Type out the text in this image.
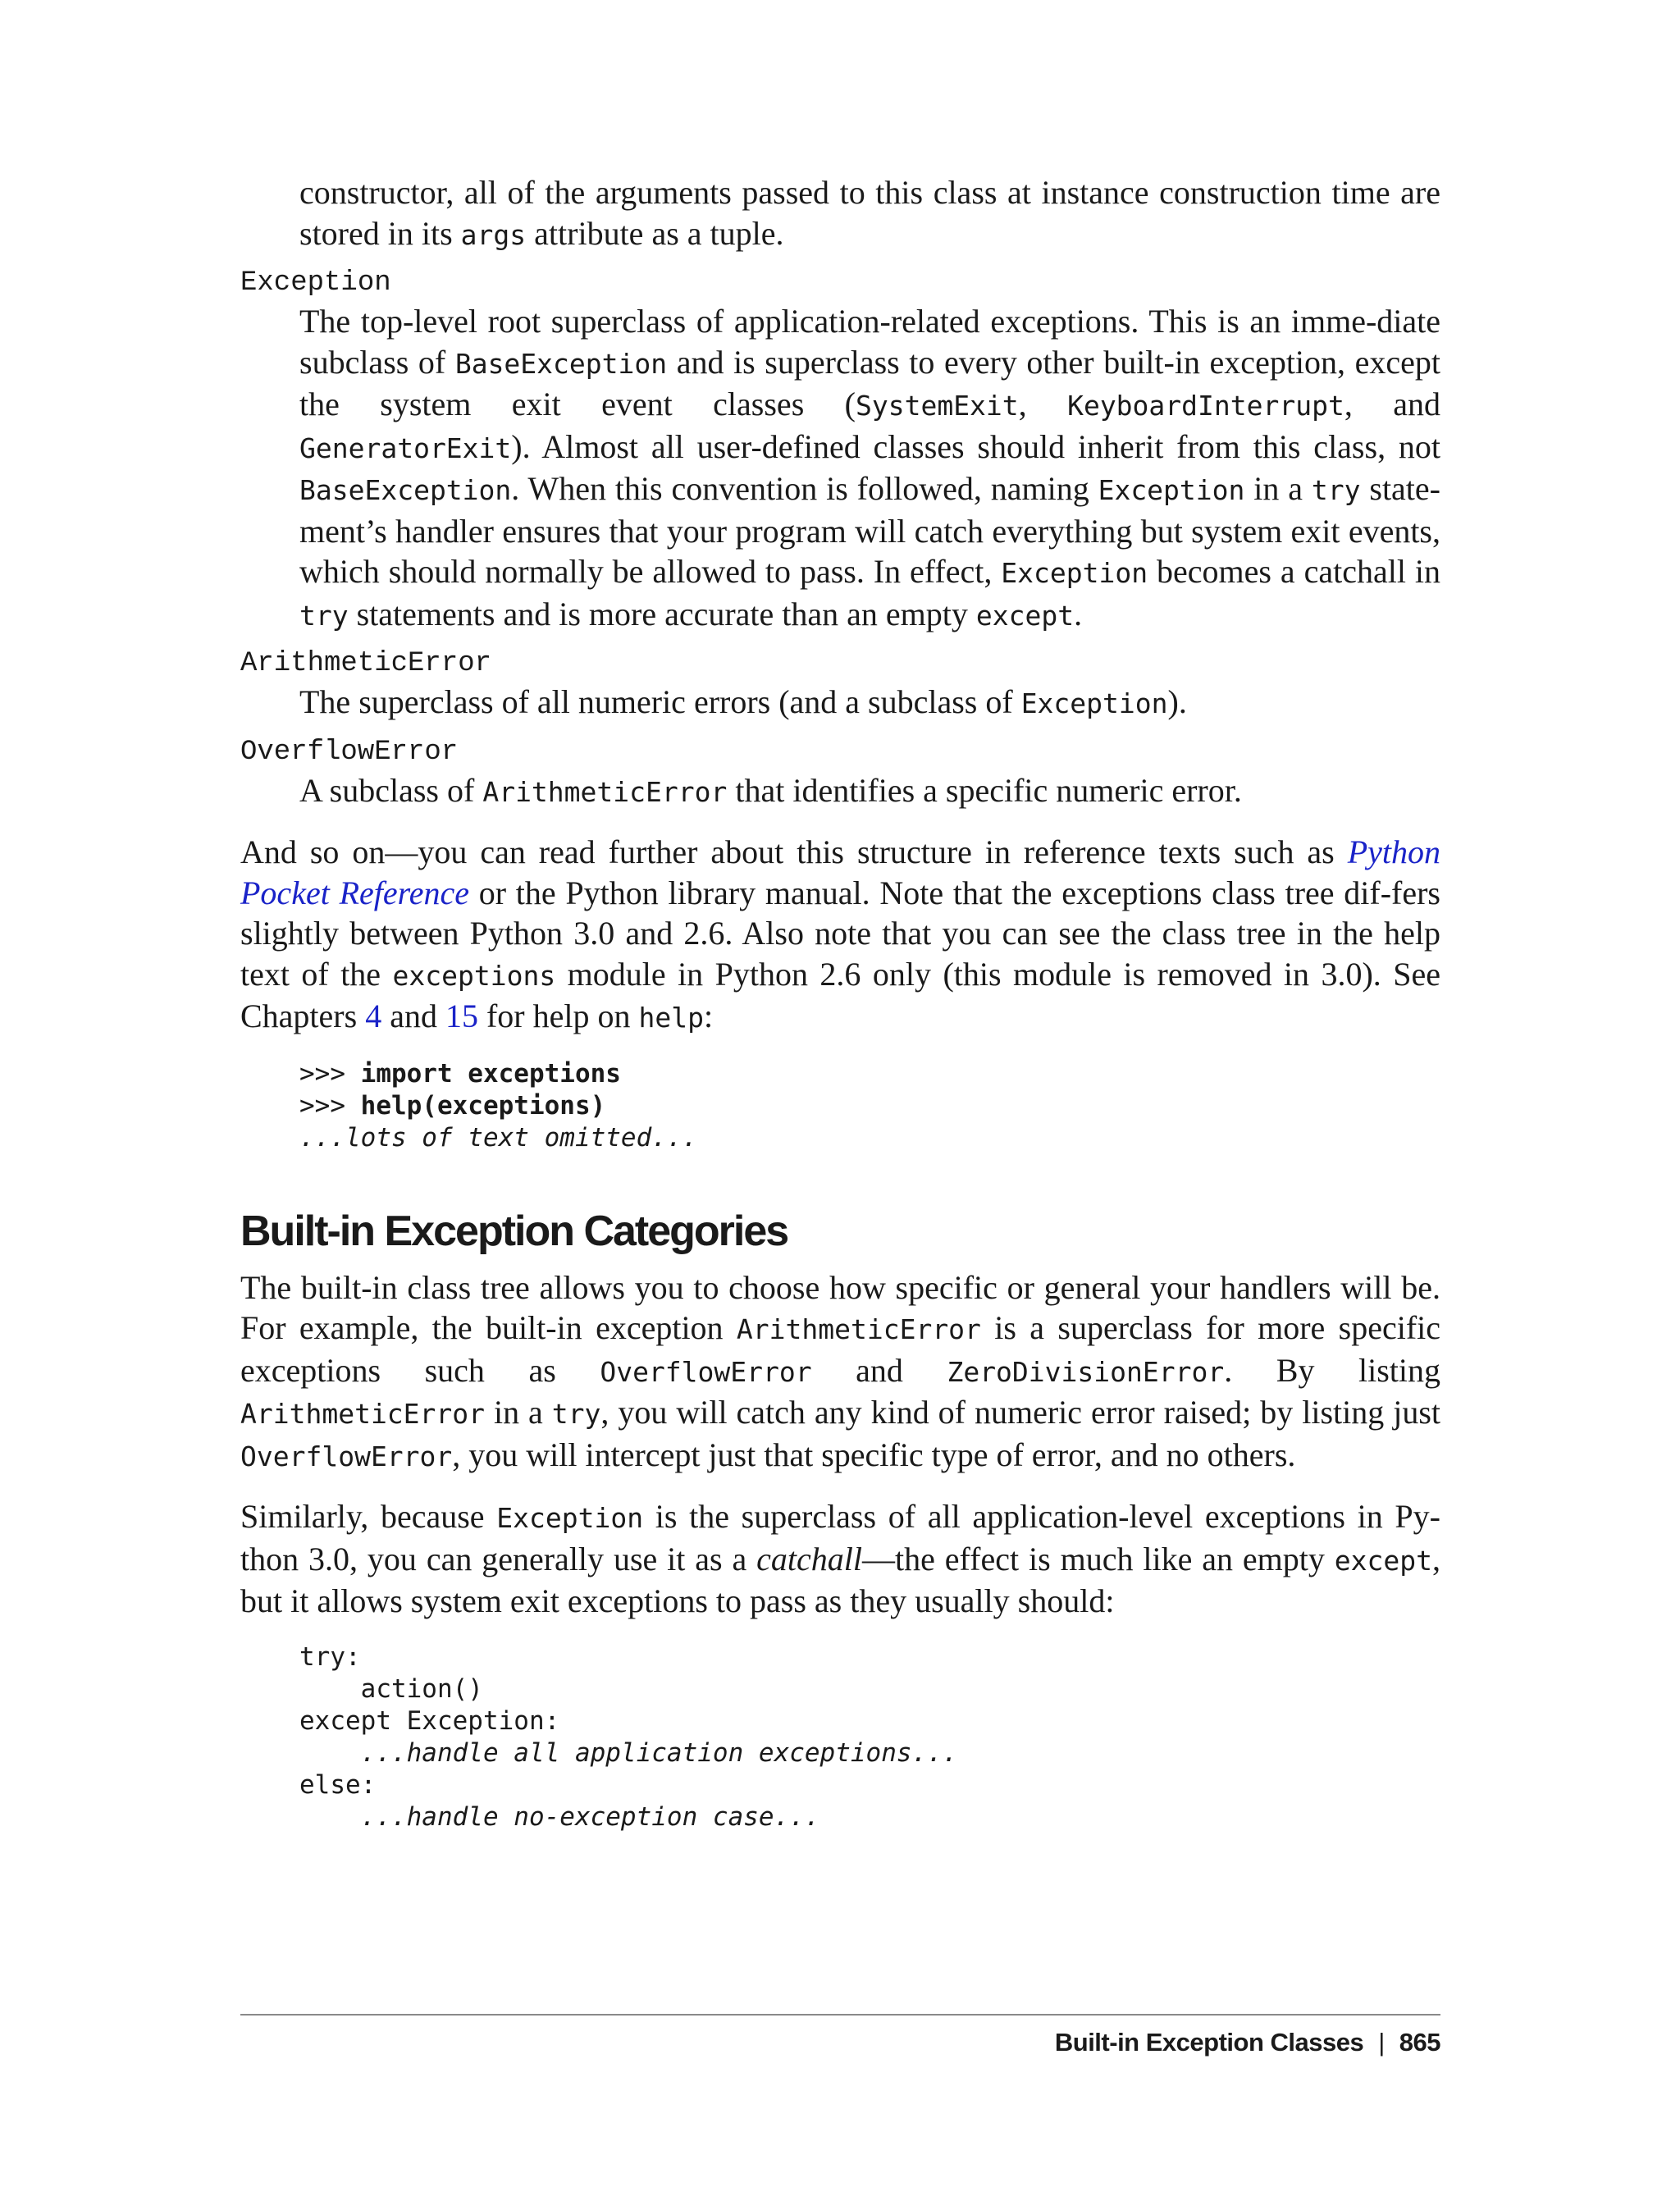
constructor, all of the arguments passed to this class at instance construction time are stored in its args attribute as a tuple.

Exception

The top-level root superclass of application-related exceptions. This is an imme-diate subclass of BaseException and is superclass to every other built-in exception, except the system exit event classes (SystemExit, KeyboardInterrupt, and GeneratorExit). Almost all user-defined classes should inherit from this class, not BaseException. When this convention is followed, naming Exception in a try state-ment’s handler ensures that your program will catch everything but system exit events, which should normally be allowed to pass. In effect, Exception becomes a catchall in try statements and is more accurate than an empty except.

ArithmeticError

The superclass of all numeric errors (and a subclass of Exception).

OverflowError

A subclass of ArithmeticError that identifies a specific numeric error.

And so on—you can read further about this structure in reference texts such as Python Pocket Reference or the Python library manual. Note that the exceptions class tree dif-fers slightly between Python 3.0 and 2.6. Also note that you can see the class tree in the help text of the exceptions module in Python 2.6 only (this module is removed in 3.0). See Chapters 4 and 15 for help on help:

>>> import exceptions
>>> help(exceptions)
...lots of text omitted...
Built-in Exception Categories

The built-in class tree allows you to choose how specific or general your handlers will be. For example, the built-in exception ArithmeticError is a superclass for more specific exceptions such as OverflowError and ZeroDivisionError. By listing ArithmeticError in a try, you will catch any kind of numeric error raised; by listing just OverflowError, you will intercept just that specific type of error, and no others.

Similarly, because Exception is the superclass of all application-level exceptions in Py-thon 3.0, you can generally use it as a catchall—the effect is much like an empty except, but it allows system exit exceptions to pass as they usually should:

try:
action()
except Exception:
...handle all application exceptions...
else:
...handle no-exception case...
Built-in Exception Classes | 865
